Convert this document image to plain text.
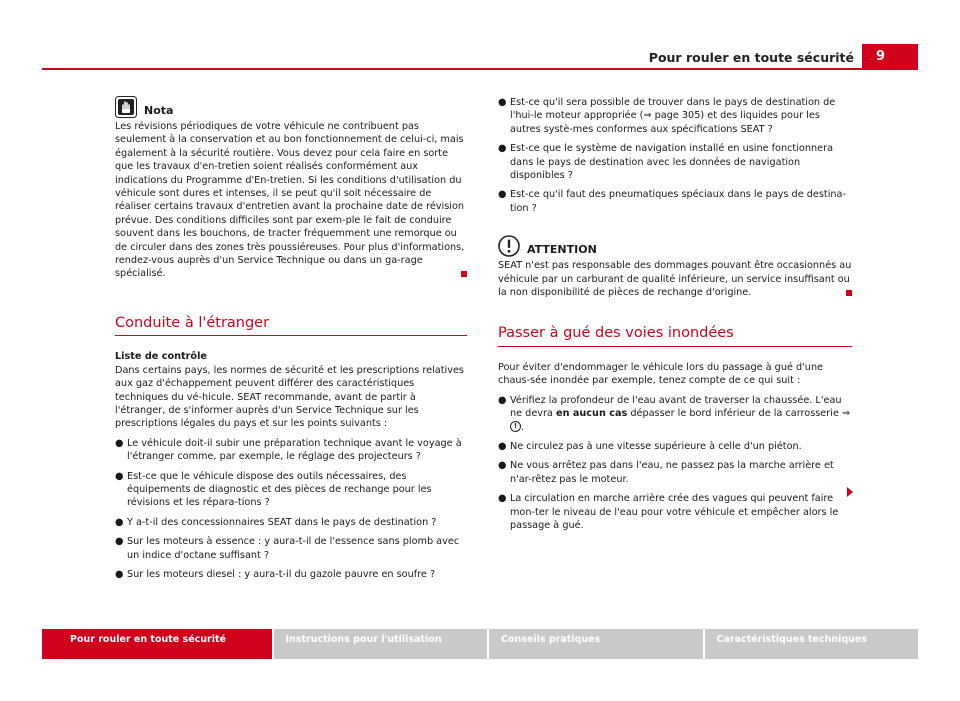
Pour rouler en toute sécurité	9
Nota

Les révisions périodiques de votre véhicule ne contribuent pas seulement à la conservation et au bon fonctionnement de celui-ci, mais également à la sécurité routière. Vous devez pour cela faire en sorte que les travaux d'en-tretien soient réalisés conformément aux indications du Programme d'En-tretien. Si les conditions d'utilisation du véhicule sont dures et intenses, il se peut qu'il soit nécessaire de réaliser certains travaux d'entretien avant la prochaine date de révision prévue. Des conditions difficiles sont par exem-ple le fait de conduire souvent dans les bouchons, de tracter fréquemment une remorque ou de circuler dans des zones très poussiéreuses. Pour plus d'informations, rendez-vous auprès d'un Service Technique ou dans un ga-rage spécialisé.

Conduite à l'étranger

Liste de contrôle

Dans certains pays, les normes de sécurité et les prescriptions relatives aux gaz d'échappement peuvent différer des caractéristiques techniques du vé-hicule. SEAT recommande, avant de partir à l'étranger, de s'informer auprès d'un Service Technique sur les prescriptions légales du pays et sur les points suivants :

● Le véhicule doit-il subir une préparation technique avant le voyage à l'étranger comme, par exemple, le réglage des projecteurs ?
● Est-ce que le véhicule dispose des outils nécessaires, des équipements de diagnostic et des pièces de rechange pour les révisions et les répara-tions ?
● Y a-t-il des concessionnaires SEAT dans le pays de destination ?
● Sur les moteurs à essence : y aura-t-il de l'essence sans plomb avec un indice d'octane suffisant ?
● Sur les moteurs diesel : y aura-t-il du gazole pauvre en soufre ?
● Est-ce qu'il sera possible de trouver dans le pays de destination de l'hui-le moteur appropriée (⇒ page 305) et des liquides pour les autres systè-mes conformes aux spécifications SEAT ?
● Est-ce que le système de navigation installé en usine fonctionnera dans le pays de destination avec les données de navigation disponibles ?
● Est-ce qu'il faut des pneumatiques spéciaux dans le pays de destina-tion ?
ATTENTION

SEAT n'est pas responsable des dommages pouvant être occasionnés au véhicule par un carburant de qualité inférieure, un service insuffisant ou la non disponibilité de pièces de rechange d'origine.

Passer à gué des voies inondées

Pour éviter d'endommager le véhicule lors du passage à gué d'une chaus-sée inondée par exemple, tenez compte de ce qui suit :

● Vérifiez la profondeur de l'eau avant de traverser la chaussée. L'eau ne devra en aucun cas dépasser le bord inférieur de la carrosserie ⇒ ! .
● Ne circulez pas à une vitesse supérieure à celle d'un piéton.
● Ne vous arrêtez pas dans l'eau, ne passez pas la marche arrière et n'ar-rêtez pas le moteur.
● La circulation en marche arrière crée des vagues qui peuvent faire mon-ter le niveau de l'eau pour votre véhicule et empêcher alors le passage à gué.
Pour rouler en toute sécurité	Instructions pour l'utilisation	Conseils pratiques	Caractéristiques techniques
